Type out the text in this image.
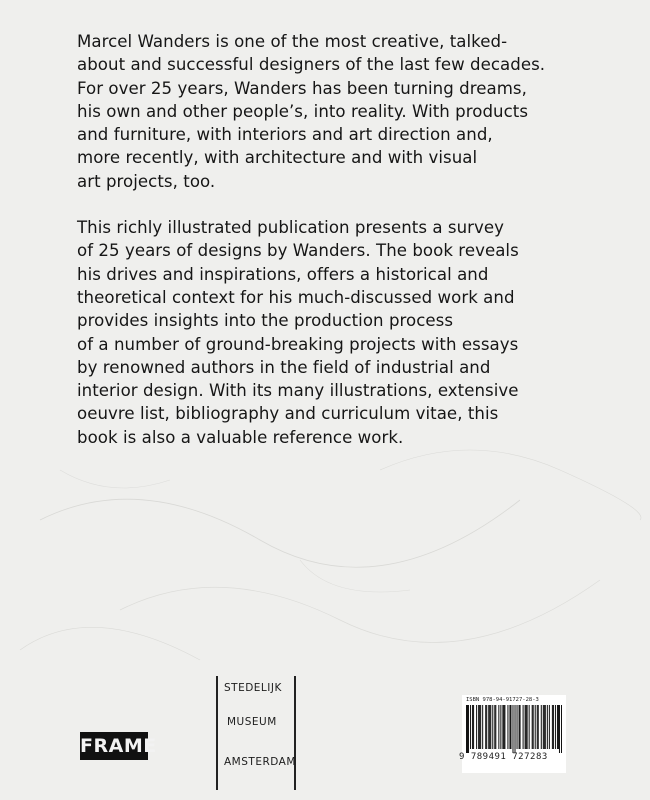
Marcel Wanders is one of the most creative, talked-
about and successful designers of the last few decades.
For over 25 years, Wanders has been turning dreams,
his own and other people’s, into reality. With products
and furniture, with interiors and art direction and,
more recently, with architecture and with visual
art projects, too.

This richly illustrated publication presents a survey
of 25 years of designs by Wanders. The book reveals
his drives and inspirations, offers a historical and
theoretical context for his much-discussed work and
provides insights into the production process
of a number of ground-breaking projects with essays
by renowned authors in the field of industrial and
interior design. With its many illustrations, extensive
oeuvre list, bibliography and curriculum vitae, this
book is also a valuable reference work.

FRAME
STEDELIJK
MUSEUM
AMSTERDAM
ISBN 978-94-91727-28-3
9 789491 727283
